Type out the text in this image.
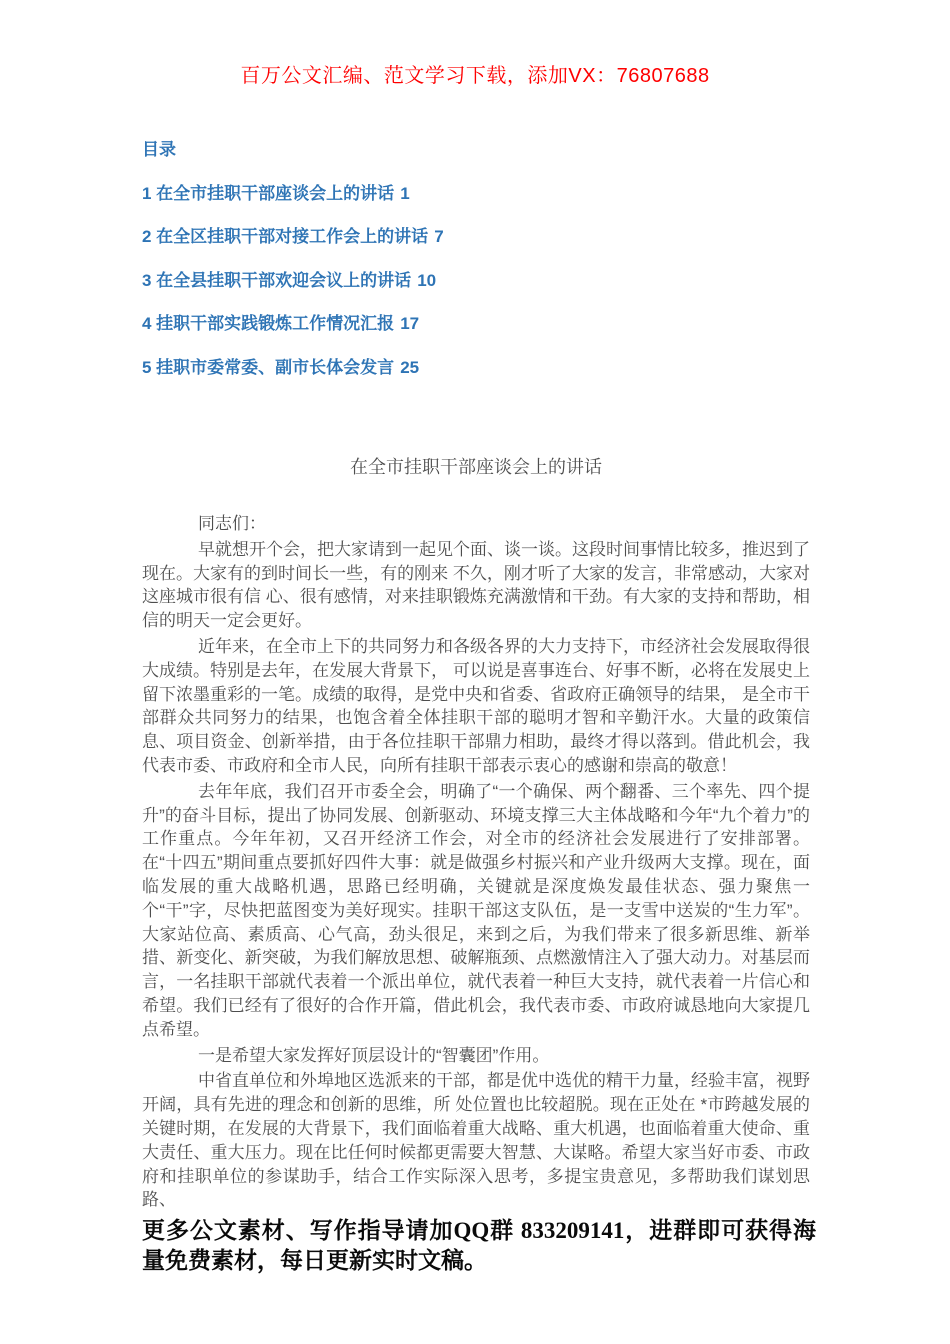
百万公文汇编、范文学习下载，添加VX：76807688
目录
1 在全市挂职干部座谈会上的讲话 1
2 在全区挂职干部对接工作会上的讲话 7
3 在全县挂职干部欢迎会议上的讲话 10
4 挂职干部实践锻炼工作情况汇报 17
5 挂职市委常委、副市长体会发言 25
在全市挂职干部座谈会上的讲话

同志们：

早就想开个会，把大家请到一起见个面、谈一谈。这段时间事情比较多，推迟到了现在。大家有的到时间长一些，有的刚来 不久，刚才听了大家的发言，非常感动，大家对这座城市很有信 心、很有感情，对来挂职锻炼充满激情和干劲。有大家的支持和帮助，相信的明天一定会更好。

近年来，在全市上下的共同努力和各级各界的大力支持下，市经济社会发展取得很大成绩。特别是去年，在发展大背景下， 可以说是喜事连台、好事不断，必将在发展史上留下浓墨重彩的一笔。成绩的取得，是党中央和省委、省政府正确领导的结果， 是全市干部群众共同努力的结果，也饱含着全体挂职干部的聪明才智和辛勤汗水。大量的政策信息、项目资金、创新举措，由于各位挂职干部鼎力相助，最终才得以落到。借此机会，我代表市委、市政府和全市人民，向所有挂职干部表示衷心的感谢和崇高的敬意！

去年年底，我们召开市委全会，明确了“一个确保、两个翻番、三个率先、四个提升”的奋斗目标，提出了协同发展、创新驱动、环境支撑三大主体战略和今年“九个着力”的工作重点。今年年初，又召开经济工作会，对全市的经济社会发展进行了安排部署。在“十四五”期间重点要抓好四件大事：就是做强乡村振兴和产业升级两大支撑。现在，面临发展的重大战略机遇，思路已经明确，关键就是深度焕发最佳状态、强力聚焦一个“干”字，尽快把蓝图变为美好现实。挂职干部这支队伍，是一支雪中送炭的“生力军”。大家站位高、素质高、心气高，劲头很足，来到之后，为我们带来了很多新思维、新举措、新变化、新突破，为我们解放思想、破解瓶颈、点燃激情注入了强大动力。对基层而言，一名挂职干部就代表着一个派出单位，就代表着一种巨大支持，就代表着一片信心和希望。我们已经有了很好的合作开篇，借此机会，我代表市委、市政府诚恳地向大家提几点希望。

一是希望大家发挥好顶层设计的“智囊团”作用。

中省直单位和外埠地区选派来的干部，都是优中选优的精干力量，经验丰富，视野开阔，具有先进的理念和创新的思维，所 处位置也比较超脱。现在正处在 *市跨越发展的关键时期，在发展的大背景下，我们面临着重大战略、重大机遇，也面临着重大使命、重大责任、重大压力。现在比任何时候都更需要大智慧、大谋略。希望大家当好市委、市政府和挂职单位的参谋助手，结合工作实际深入思考，多提宝贵意见，多帮助我们谋划思路、

更多公文素材、写作指导请加QQ群 833209141，进群即可获得海量免费素材，每日更新实时文稿。
